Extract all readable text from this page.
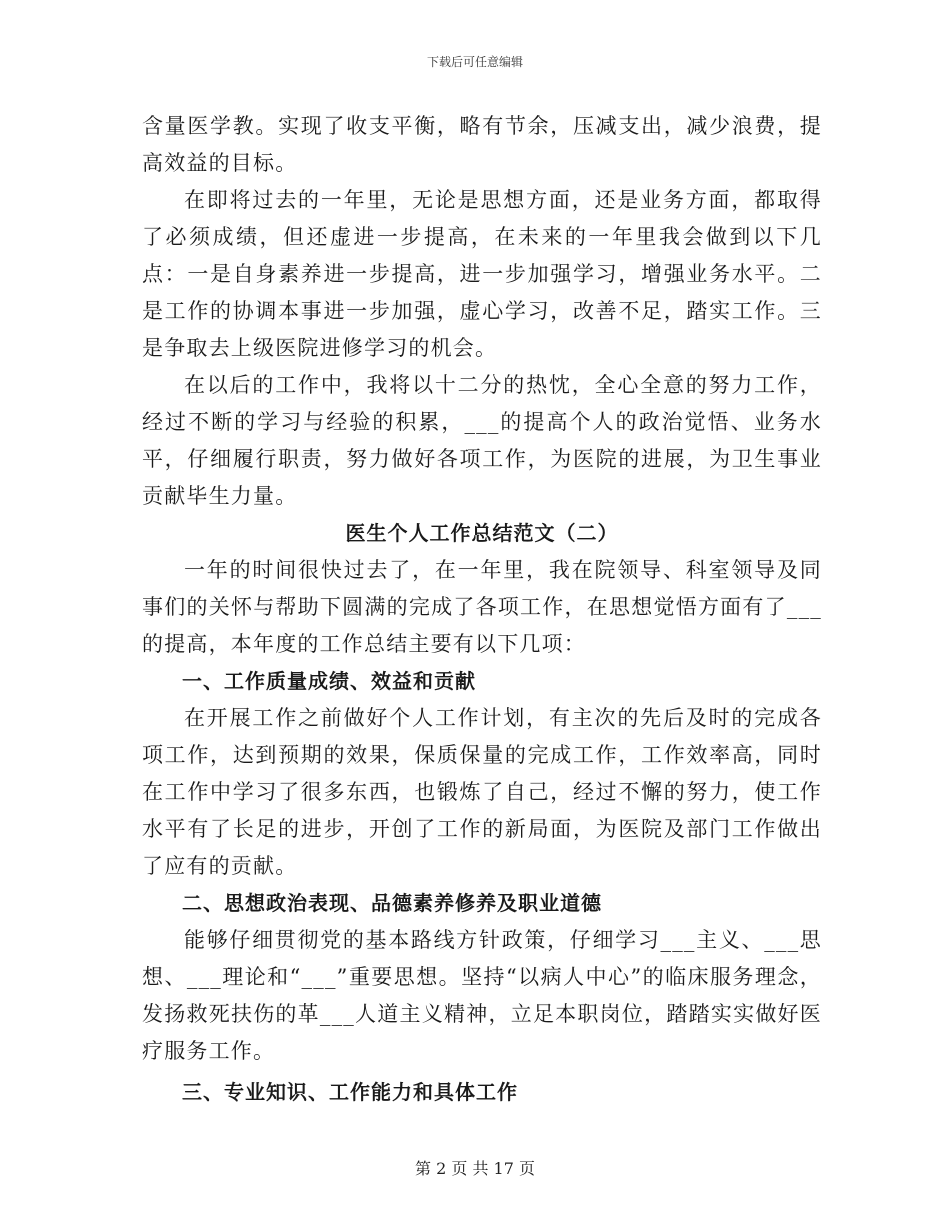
下载后可任意编辑

含量医学教。实现了收支平衡，略有节余，压减支出，减少浪费，提高效益的目标。

在即将过去的一年里，无论是思想方面，还是业务方面，都取得了必须成绩，但还虚进一步提高，在未来的一年里我会做到以下几点：一是自身素养进一步提高，进一步加强学习，增强业务水平。二是工作的协调本事进一步加强，虚心学习，改善不足，踏实工作。三是争取去上级医院进修学习的机会。

在以后的工作中，我将以十二分的热忱，全心全意的努力工作，经过不断的学习与经验的积累，___的提高个人的政治觉悟、业务水平，仔细履行职责，努力做好各项工作，为医院的进展，为卫生事业贡献毕生力量。

医生个人工作总结范文（二）

一年的时间很快过去了，在一年里，我在院领导、科室领导及同事们的关怀与帮助下圆满的完成了各项工作，在思想觉悟方面有了___的提高，本年度的工作总结主要有以下几项：

一、工作质量成绩、效益和贡献

在开展工作之前做好个人工作计划，有主次的先后及时的完成各项工作，达到预期的效果，保质保量的完成工作，工作效率高，同时在工作中学习了很多东西，也锻炼了自己，经过不懈的努力，使工作水平有了长足的进步，开创了工作的新局面，为医院及部门工作做出了应有的贡献。

二、思想政治表现、品德素养修养及职业道德

能够仔细贯彻党的基本路线方针政策，仔细学习___主义、___思想、___理论和“___”重要思想。坚持“以病人中心”的临床服务理念，发扬救死扶伤的革___人道主义精神，立足本职岗位，踏踏实实做好医疗服务工作。

三、专业知识、工作能力和具体工作

第 2 页 共 17 页
